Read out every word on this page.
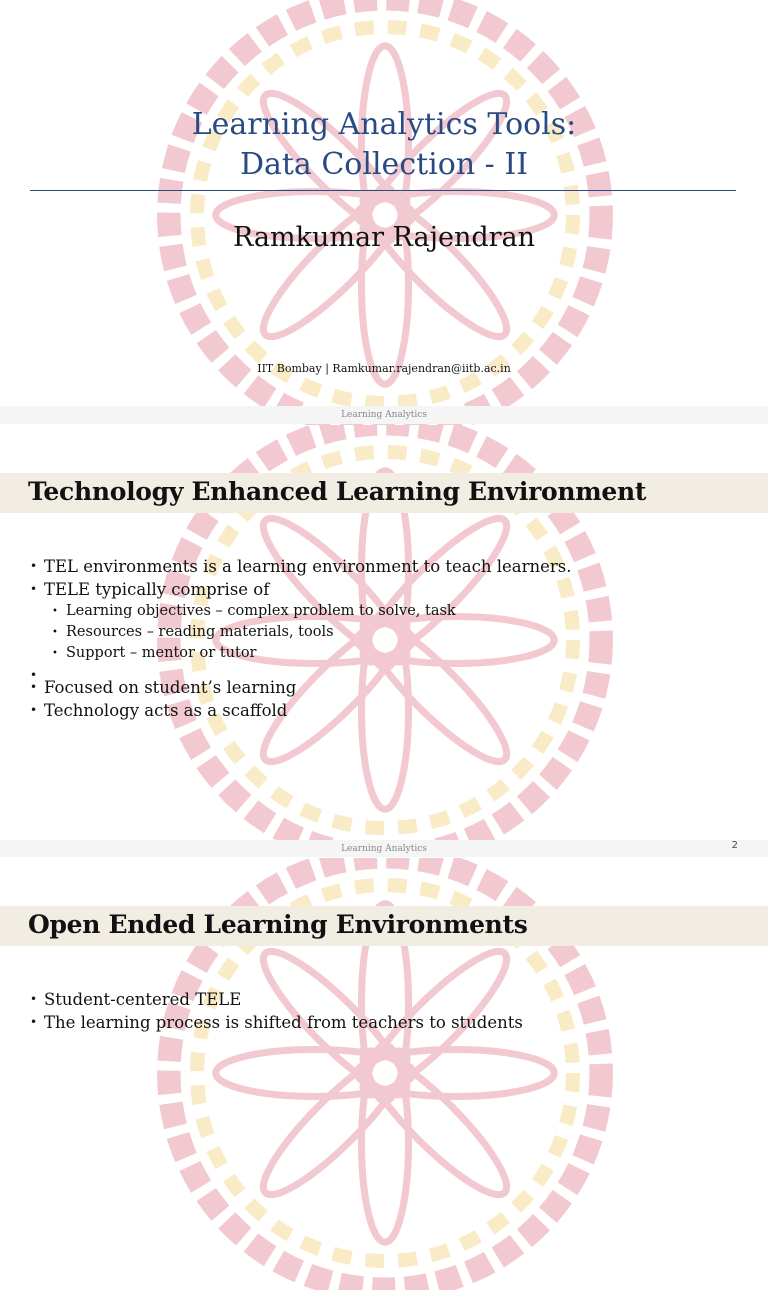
Learning Analytics Tools:
Data Collection - II
Ramkumar Rajendran
IIT Bombay | Ramkumar.rajendran@iitb.ac.in
Learning Analytics
Technology Enhanced Learning Environment
• TEL environments is a learning environment to teach learners.
• TELE typically comprise of
• Learning objectives – complex problem to solve, task
• Resources – reading materials, tools
• Support – mentor or tutor
•
• Focused on student’s learning
• Technology acts as a scaffold
Learning Analytics	2
Open Ended Learning Environments
• Student-centered TELE
• The learning process is shifted from teachers to students
